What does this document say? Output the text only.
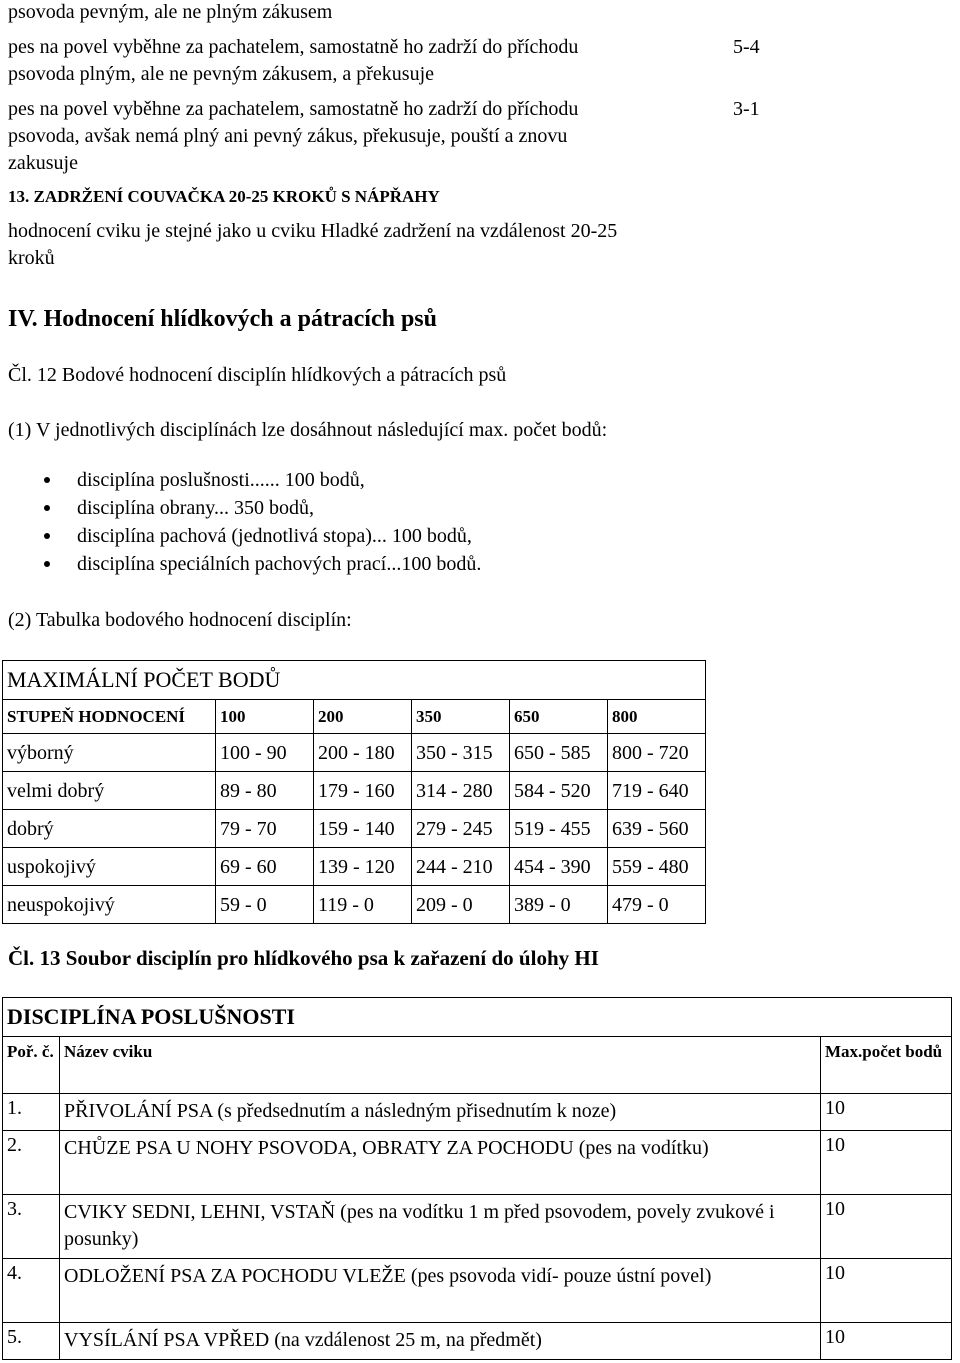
psovoda pevným, ale ne plným zákusem
pes na povel vyběhne za pachatelem, samostatně ho zadrží do příchodu
psovoda plným, ale ne pevným zákusem, a překusuje
5-4
pes na povel vyběhne za pachatelem, samostatně ho zadrží do příchodu
psovoda, avšak nemá plný ani pevný zákus, překusuje, pouští a znovu
zakusuje
3-1
13. ZADRŽENÍ COUVAČKA 20-25 KROKŮ S NÁPŘAHY
hodnocení cviku je stejné jako u cviku Hladké zadržení na vzdálenost 20-25
kroků
IV. Hodnocení hlídkových a pátracích psů
Čl. 12 Bodové hodnocení disciplín hlídkových a pátracích psů
(1) V jednotlivých disciplínách lze dosáhnout následující max. počet bodů:
disciplína poslušnosti...... 100 bodů,
disciplína obrany... 350 bodů,
disciplína pachová (jednotlivá stopa)... 100 bodů,
disciplína speciálních pachových prací...100 bodů.
(2) Tabulka bodového hodnocení disciplín:
MAXIMÁLNÍ POČET BODŮ					
STUPEŇ HODNOCENÍ	100	200	350	650	800
výborný	100 - 90	200 - 180	350 - 315	650 - 585	800 - 720
velmi dobrý	89 - 80	179 - 160	314 - 280	584 - 520	719 - 640
dobrý	79 - 70	159 - 140	279 - 245	519 - 455	639 - 560
uspokojivý	69 - 60	139 - 120	244 - 210	454 - 390	559 - 480
neuspokojivý	59 - 0	119 - 0	209 - 0	389 - 0	479 - 0
Čl. 13 Soubor disciplín pro hlídkového psa k zařazení do úlohy HI
DISCIPLÍNA POSLUŠNOSTI		
Poř. č.	Název cviku	Max.počet bodů
1.	PŘIVOLÁNÍ PSA (s předsednutím a následným přisednutím k noze)	10
2.	CHŮZE PSA U NOHY PSOVODA, OBRATY ZA POCHODU (pes na vodítku)	10
3.	CVIKY SEDNI, LEHNI, VSTAŇ (pes na vodítku 1 m před psovodem, povely zvukové i posunky)	10
4.	ODLOŽENÍ PSA ZA POCHODU VLEŽE (pes psovoda vidí- pouze ústní povel)	10
5.	VYSÍLÁNÍ PSA VPŘED (na vzdálenost 25 m, na předmět)	10
